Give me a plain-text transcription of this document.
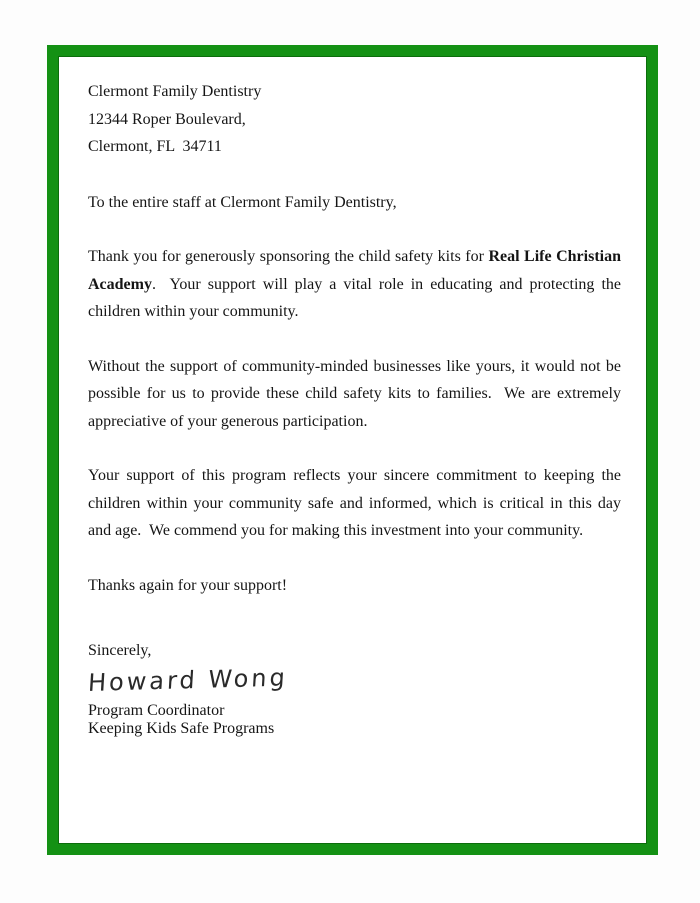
Clermont Family Dentistry
12344 Roper Boulevard,
Clermont, FL  34711

To the entire staff at Clermont Family Dentistry,

Thank you for generously sponsoring the child safety kits for Real Life Christian Academy.  Your support will play a vital role in educating and protecting the children within your community.

Without the support of community-minded businesses like yours, it would not be possible for us to provide these child safety kits to families.  We are extremely appreciative of your generous participation.

Your support of this program reflects your sincere commitment to keeping the children within your community safe and informed, which is critical in this day and age.  We commend you for making this investment into your community.

Thanks again for your support!

Sincerely,

Howard Wong
Program Coordinator
Keeping Kids Safe Programs
